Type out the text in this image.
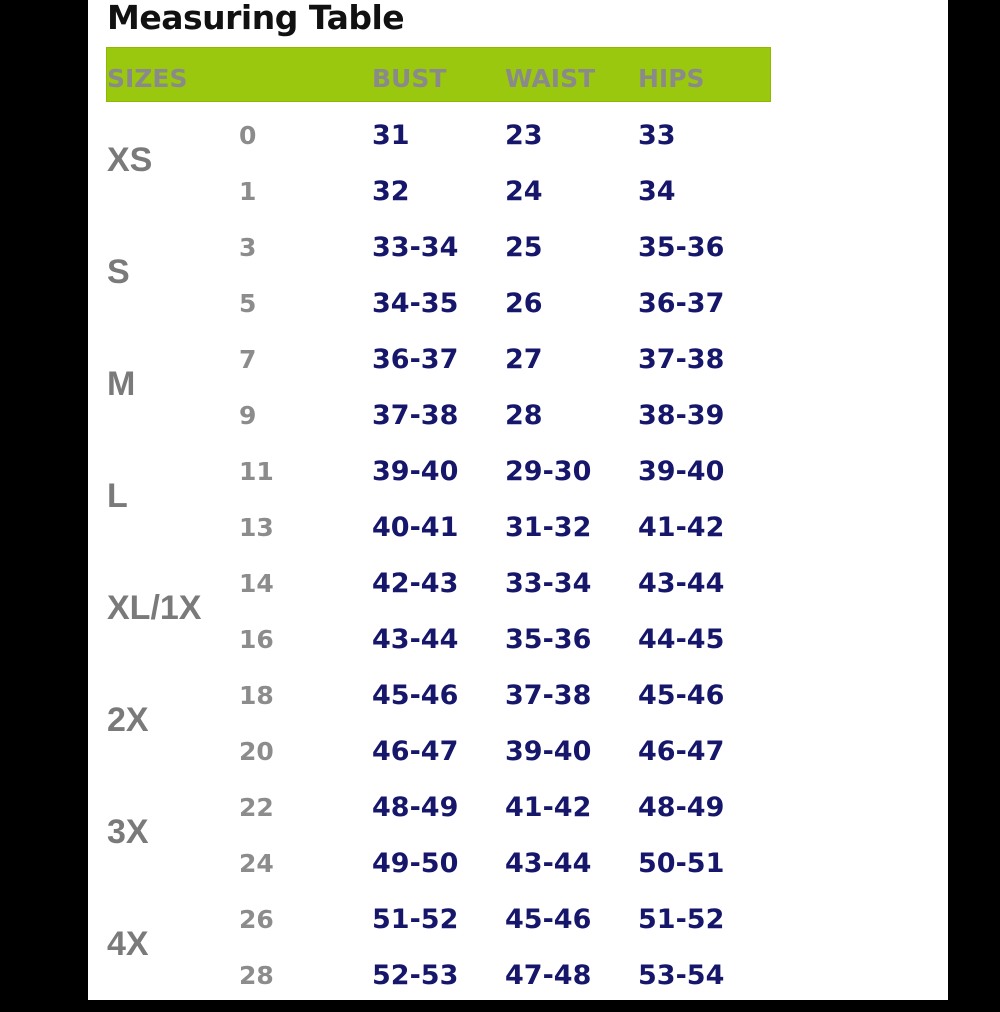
Measuring Table
SIZES	BUST WAIST HIPS
XS
0	31	23	33
1	32	24	34
S
3	33-34 25	35-36
5	34-35 26	36-37
M
7	36-37 27	37-38
9	37-38 28	38-39
L
11	39-40 29-30 39-40
13	40-41 31-32 41-42
XL/1X
14	42-43 33-34 43-44
16	43-44 35-36 44-45
2X
18	45-46 37-38 45-46
20	46-47 39-40 46-47
3X
22	48-49 41-42 48-49
24	49-50 43-44 50-51
4X
26	51-52 45-46 51-52
28	52-53 47-48 53-54
